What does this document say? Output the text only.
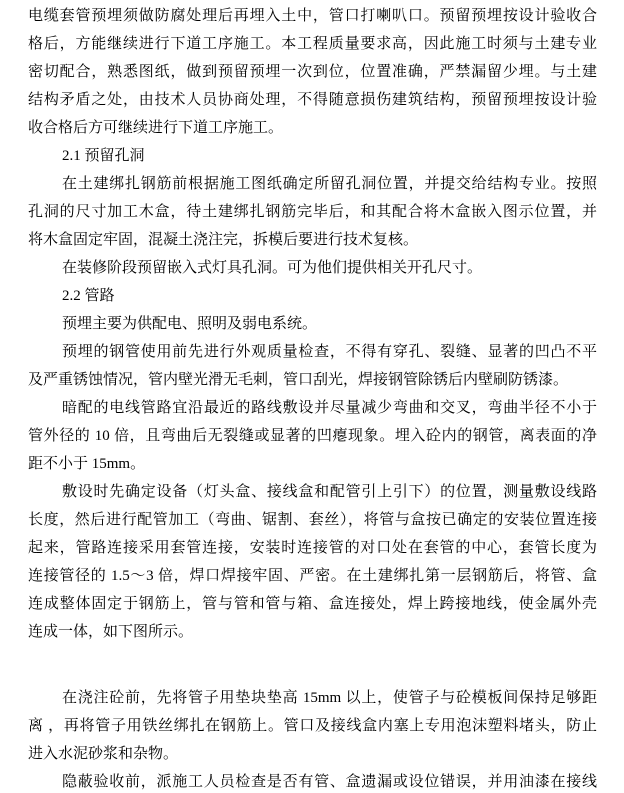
电缆套管预埋须做防腐处理后再埋入土中，管口打喇叭口。预留预埋按设计验收合
格后，方能继续进行下道工序施工。本工程质量要求高，因此施工时须与土建专业
密切配合，熟悉图纸，做到预留预埋一次到位，位置准确，严禁漏留少埋。与土建
结构矛盾之处，由技术人员协商处理，不得随意损伤建筑结构，预留预埋按设计验
收合格后方可继续进行下道工序施工。
2.1 预留孔洞
在土建绑扎钢筋前根据施工图纸确定所留孔洞位置，并提交给结构专业。按照
孔洞的尺寸加工木盒，待土建绑扎钢筋完毕后，和其配合将木盒嵌入图示位置，并
将木盒固定牢固，混凝土浇注完，拆模后要进行技术复核。
在装修阶段预留嵌入式灯具孔洞。可为他们提供相关开孔尺寸。
2.2 管路
预埋主要为供配电、照明及弱电系统。
预埋的钢管使用前先进行外观质量检查，不得有穿孔、裂缝、显著的凹凸不平
及严重锈蚀情况，管内壁光滑无毛刺，管口刮光，焊接钢管除锈后内壁刷防锈漆。
暗配的电线管路宜沿最近的路线敷设并尽量减少弯曲和交叉，弯曲半径不小于
管外径的 10 倍，且弯曲后无裂缝或显著的凹瘪现象。埋入砼内的钢管，离表面的净
距不小于 15mm。
敷设时先确定设备（灯头盒、接线盒和配管引上引下）的位置，测量敷设线路
长度，然后进行配管加工（弯曲、锯割、套丝），将管与盒按已确定的安装位置连接
起来，管路连接采用套管连接，安装时连接管的对口处在套管的中心，套管长度为
连接管径的 1.5～3 倍，焊口焊接牢固、严密。在土建绑扎第一层钢筋后，将管、盒
连成整体固定于钢筋上，管与管和管与箱、盒连接处，焊上跨接地线，使金属外壳
连成一体，如下图所示。
在浇注砼前，先将管子用垫块垫高 15mm 以上，使管子与砼模板间保持足够距
离 ，再将管子用铁丝绑扎在钢筋上。管口及接线盒内塞上专用泡沫塑料堵头，防止
进入水泥砂浆和杂物。
隐蔽验收前，派施工人员检查是否有管、盒遗漏或设位错误，并用油漆在接线
